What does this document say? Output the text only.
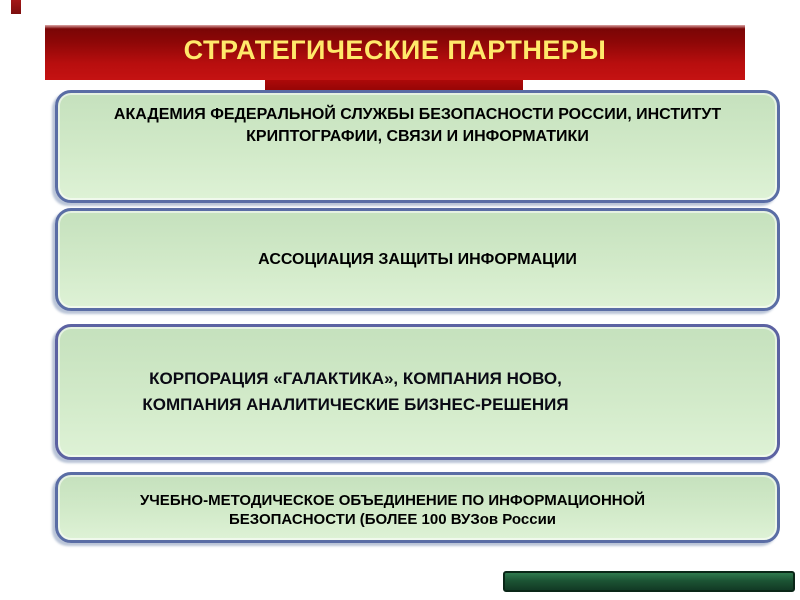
СТРАТЕГИЧЕСКИЕ ПАРТНЕРЫ
АКАДЕМИЯ ФЕДЕРАЛЬНОЙ СЛУЖБЫ БЕЗОПАСНОСТИ РОССИИ, ИНСТИТУТ
КРИПТОГРАФИИ, СВЯЗИ И ИНФОРМАТИКИ
АССОЦИАЦИЯ ЗАЩИТЫ ИНФОРМАЦИИ
КОРПОРАЦИЯ «ГАЛАКТИКА», КОМПАНИЯ НОВО,
КОМПАНИЯ АНАЛИТИЧЕСКИЕ БИЗНЕС-РЕШЕНИЯ
УЧЕБНО-МЕТОДИЧЕСКОЕ ОБЪЕДИНЕНИЕ ПО ИНФОРМАЦИОННОЙ
БЕЗОПАСНОСТИ (БОЛЕЕ 100 ВУЗов России
